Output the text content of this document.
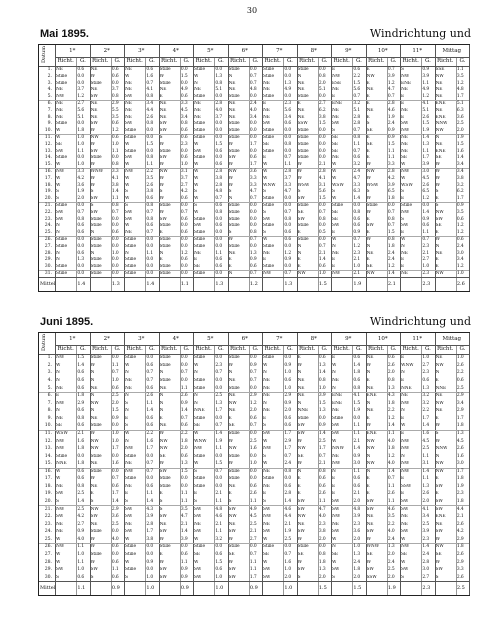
30
Mai 1895.	Windrichtung und
Datum	1*
Richt.	G.
2*
Richt.	G.
3*
Richt.	G.
4*
Richt.	G.
5*
Richt.	G.
6*
Richt.	G.
7*
Richt.	G.
8*
Richt.	G.
9*
Richt.	G.
10*
Richt.	G.
11*
Richt.	G.
Mittag
Richt.	G.
1. NE	0.6 NE	0.6 NE	0.6 Stille	0.0 Stille	0.0 Stille	0.0 Stille	0.0 Stille	0.0 E	0.6 E	0.7 S	0.9 SSE	1.1
2. Stille	0.0 W	0.6 W	1.6 W	1.5 W	1.3 N	0.7 Stille	0.0 N	0.8 NW	2.2 NW	3.9 NW	3.9 NW	3.5
3. Stille	0.0 Stille	0.0 NE	0.7 Stille	0.0 N	0.8 NE	0.7 NE	1.3 NE	2.0 ESE	1.5 E	1.2 ENE	1.1 NE	1.2
4. NE	3.7 NE	3.7 NE	4.1 NE	4.9 NE	5.1 NE	4.8 NE	4.9 NE	5.1 NE	5.6 NE	4.7 NE	4.9 NE	4.8
5. NW	1.2 SW	0.8 SW	0.8 E	0.6 Stille	0.0 Stille	0.0 Stille	0.0 Stille	0.0 E	0.7 E	0.7 E	1.2 NE	1.7
6. NE	2.7 NE	2.9 NE	3.4 NE	3.3 NE	2.8 NE	2.4 E	2.3 E	2.7 ENE	3.2 E	2.8 E	4.1 ENE	5.1
7. NE	5.6 NE	5.5 NE	4.4 NE	4.5 NE	4.0 NE	4.0 NE	5.6 NE	6.2 NE	5.1 NE	4.6 NE	5.1 NE	6.3
8. NE	5.1 NE	3.5 NE	2.6 NE	3.4 NE	3.7 NE	3.4 NE	3.4 NE	3.8 NE	2.8 E	1.9 E	2.6 ENE	3.6
9. Stille	0.0 SW	0.6 SW	0.8 SW	0.8 Stille	0.0 Stille	0.0 SW	0.6 SSW	1.5 SW	2.8 S	2.4 SW	1.5 NNW	2.5
10. W	1.8 W	1.2 Stille	0.0 SW	0.6 Stille	0.0 Stille	0.0 Stille	0.0 Stille	0.0 S	0.7 SE	0.9 NW	1.9 NW	2.0
11. W	1.0 NW	0.6 Stille	0.0 S	0.6 Stille	0.0 Stille	0.0 Stille	0.0 Stille	0.0 SE	0.8 E	0.9 NE	1.4 N	1.9
12. SE	1.0 W	1.0 W	1.5 W	2.3 W	1.5 W	1.7 SE	0.8 Stille	0.0 SE	1.1 SE	1.5 NE	1.3 NE	1.5
13. SW	1.1 SW	1.1 Stille	0.0 Stille	0.0 SW	0.6 Stille	0.0 Stille	0.0 Stille	0.0 SE	0.7 E	1.1 NE	1.1 ENE	1.6
14. Stille	0.0 Stille	0.0 SW	0.8 SW	0.6 Stille	0.0 SW	0.6 E	0.7 Stille	0.0 NE	0.6 E	1.1 SE	1.7 SE	1.4
15. W	1.0 W	0.8 W	1.1 W	1.0 W	0.6 W	1.7 W	1.1 W	2.1 W	3.2 W	3.3 W	3.9 W	3.4
16. NW	3.3 WNW	3.3 NW	2.2 NW	3.1 W	2.8 NW	3.6 W	2.8 W	2.8 W	2.4 NW	2.8 NW	3.0 W	3.4
17. W	4.2 W	4.1 W	3.5 W	3.7 W	3.8 W	3.3 W	3.7 W	4.1 W	4.7 W	4.2 W	4.5 W	3.8
18. W	3.6 W	3.8 W	2.6 W	2.7 W	2.8 W	3.3 WNW	3.3 WSW	3.1 WSW	3.3 WSW	3.9 WSW	2.6 W	3.2
19. S	1.9 S	1.4 S	3.8 S	4.2 S	4.8 S	4.7 S	4.7 S	5.6 S	6.3 S	6.5 S	6.5 S	6.2
20. S	2.0 SW	1.1 W	0.6 W	0.6 W	0.7 N	0.7 Stille	0.0 SW	1.5 W	1.4 W	1.8 E	1.2 E	1.7
21. Stille	0.0 S	0.8 S	0.8 Stille	0.0 S	0.6 Stille	0.0 Stille	0.0 Stille	0.0 Stille	0.0 Stille	0.0 Stille	0.0 S	0.9
22. SW	0.7 SW	0.7 SW	0.7 W	0.7 W	0.8 Stille	0.0 S	0.7 SE	0.7 SE	0.8 W	0.7 NW	1.4 NW	3.5
23. SW	0.8 Stille	0.0 SW	0.8 SW	0.6 Stille	0.0 Stille	0.0 SW	0.8 SW	0.8 SE	0.6 E	0.8 S	0.9 SW	0.6
24. N	0.6 Stille	0.0 W	0.6 Stille	0.0 SW	0.6 Stille	0.0 Stille	0.0 Stille	0.0 SW	0.6 SW	0.7 SW	0.6 SE	1.2
25. N	0.6 N	0.6 NE	0.7 E	0.6 Stille	0.0 S	0.8 S	0.6 E	0.5 E	0.9 E	1.5 E	1.1 E	1.2
26. Stille	0.0 Stille	0.0 Stille	0.0 Stille	0.0 Stille	0.0 W	0.7 W	0.6 Stille	0.0 W	0.7 W	0.8 W	0.7 W	0.6
27. Stille	0.0 Stille	0.0 Stille	0.0 Stille	0.0 Stille	0.0 Stille	0.0 Stille	0.0 N	0.7 N	1.2 N	1.8 N	2.3 N	2.4
28. N	0.6 N	1.0 N	1.1 N	1.2 NE	1.1 NE	1.3 NE	1.2 N	2.1 NE	2.3 NE	2.4 NE	2.1 NE	3.0
29. N	1.3 Stille	0.0 Stille	0.0 E	0.6 E	0.6 E	0.9 E	0.9 E	1.4 E	2.1 E	2.4 E	2.7 E	3.4
30. Stille	0.0 Stille	0.0 Stille	0.0 Stille	0.0 SE	0.6 E	0.6 Stille	0.0 E	0.6 E	1.0 SE	1.2 E	1.0 E	1.2
31. Stille	0.0 Stille	0.0 Stille	0.0 Stille	0.0 Stille	0.0 N	0.7 NW	0.7 NW	1.0 NW	2.1 NW	1.4 NE	2.3 NW	1.0
Mittel	1.4	1.3	1.4	1.1	1.3	1.2	1.3	1.5	1.9	2.1	2.3	2.6
Juni 1895.	Windrichtung und
Datum	1*
Richt.	G.
2*
Richt.	G.
3*
Richt.	G.
4*
Richt.	G.
5*
Richt.	G.
6*
Richt.	G.
7*
Richt.	G.
8*
Richt.	G.
9*
Richt.	G.
10*
Richt.	G.
11*
Richt.	G.
Mittag
Richt.	G.
1. NW	1.5 Stille	0.0 Stille	0.0 Stille	0.0 Stille	0.0 Stille	0.0 Stille	0.0 E	0.6 E	0.6 NE	0.6 E	1.0 NE	1.0
2. W	1.4 W	1.1 W	0.6 Stille	0.0 W	2.3 W	0.9 W	0.9 W	1.3 W	1.4 W	2.6 WNW	2.7 NW	2.6
3. N	0.6 N	0.7 N	0.7 N	0.7 N	0.7 N	0.7 N	1.0 N	1.4 N	1.8 N	2.0 N	2.3 N	2.2
4. N	0.6 N	1.0 NE	0.7 Stille	0.0 Stille	0.0 NE	0.7 NE	0.6 NE	0.8 NE	0.6 E	0.8 E	0.6 E	0.6
5. NE	0.6 NE	0.6 NE	0.6 NE	1.1 Stille	0.0 Stille	0.0 NE	1.0 NE	1.0 N	0.8 NE	1.3 NNE	1.3 NNE	2.5
6. E	1.8 N	2.5 N	2.6 N	2.6 N	2.5 NE	2.9 NE	2.9 NE	3.9 ENE	4.1 ENE	4.3 NE	3.2 NE	2.9
7. NW	2.9 NW	2.0 S	1.1 N	0.9 N	1.3 NW	1.2 N	0.9 N	1.5 ENE	1.5 N	1.8 NW	3.2 NW	3.4
8. N	0.6 N	1.5 N	1.4 N	1.4 NNE	1.7 NE	2.0 NE	2.0 NNE	1.3 NE	1.9 NE	2.2 N	2.2 NE	2.9
9. NE	0.8 NE	0.9 E	0.6 E	0.7 Stille	0.0 E	0.6 E	0.6 Stille	0.0 Stille	0.0 E	1.2 E	1.7 E	1.7
10. SE	0.6 Stille	0.0 S	0.6 NE	0.6 SE	0.7 SE	0.7 S	0.6 SW	0.9 SW	1.1 W	1.4 W	1.4 W	1.8
11. WSW	2.1 W	1.0 W	2.2 W	2.2 W	1.4 Stille	0.0 SW	1.7 SW	1.4 SW	1.1 ENE	1.1 E	1.6 S	1.3
12. NW	1.6 NW	1.0 N	1.6 NW	1.8 WNW	1.9 W	2.5 W	2.9 W	2.5 W	2.1 NW	4.0 NW	4.5 W	4.5
13. NW	1.8 NW	1.7 NW	1.7 NW	2.0 NW	1.1 NW	1.6 NW	1.7 NW	1.7 NNW	1.4 NW	1.8 NW	2.5 NNW	2.6
14. Stille	0.0 Stille	0.0 Stille	0.0 SE	0.6 Stille	0.0 Stille	0.0 S	0.7 SE	0.7 NE	0.9 N	1.2 N	1.1 N	1.6
15. NNE	1.8 NE	1.6 NE	0.7 W	1.3 W	1.5 W	1.0 W	2.4 W	2.1 NW	3.0 NW	4.0 NW	3.1 NW	3.0
16. W	0.6 Stille	0.0 NW	0.7 SW	1.5 S	0.7 Stille	0.0 NE	0.8 N	0.8 N	1.1 N	1.4 NW	1.4 NW	1.7
17. W	0.6 W	0.7 Stille	0.0 Stille	0.0 Stille	0.0 Stille	0.0 Stille	0.0 E	0.6 E	0.6 E	0.7 E	1.1 E	1.8
18. NE	0.8 NE	0.6 NE	0.6 Stille	0.0 Stille	0.0 NE	0.6 NE	0.6 E	0.6 E	0.6 E	1.1 SSW	1.3 SW	1.9
19. SW	2.5 E	1.7 E	1.1 E	1.1 E	2.1 E	2.6 E	2.8 E	2.6 E	2.1 E	2.6 E	2.6 E	2.3
20. S	1.4 S	1.4 S	1.4 S	1.1 S	1.1 S	1.1 S	1.4 SW	1.1 SW	2.0 SW	1.1 SW	2.0 SW	1.8
21. NW	2.5 NW	2.9 SW	4.3 S	3.5 SW	4.8 SW	4.9 SW	4.6 SW	4.7 SW	4.8 SW	4.6 SW	4.1 SW	4.4
22. SW	4.2 SW	3.6 SW	3.9 SW	4.7 SW	4.6 NW	4.5 NW	4.4 NW	4.0 NW	3.9 NE	3.5 NE	3.4 ENE	2.1
23. NE	2.7 NE	2.5 NE	2.8 NE	2.1 NE	2.1 NE	2.5 NE	2.1 NE	2.3 NE	2.3 NE	2.2 NE	2.5 NE	2.6
24. NE	0.9 Stille	0.0 SW	1.7 SW	1.4 SW	1.1 SW	2.1 SW	1.9 SW	3.8 SW	3.6 SW	4.0 SW	3.9 SW	4.2
25. W	4.0 W	4.0 W	3.8 W	3.9 W	3.2 W	2.7 W	2.5 W	2.0 W	2.0 W	2.4 W	2.3 W	2.9
26. NW	1.1 W	0.6 Stille	0.0 Stille	0.0 Stille	0.0 Stille	0.0 Stille	0.0 Stille	0.0 N	1.0 WNW	1.3 NW	1.4 NW	1.8
27. W	1.0 Stille	0.0 Stille	0.0 E	0.6 SE	0.6 SE	0.7 SE	0.7 SE	0.8 SE	1.3 SE	2.0 SE	2.4 SE	2.6
28. W	1.1 W	0.6 W	0.9 W	1.1 W	1.5 W	1.1 W	1.6 W	1.8 W	2.4 W	2.4 W	2.8 W	2.9
29. SW	1.0 SW	1.1 Stille	0.0 SW	0.9 SW	0.6 SW	1.1 SW	1.0 SW	1.3 SW	1.8 SW	2.5 SW	3.0 SW	3.3
30. S	0.6 S	0.6 S	1.0 SW	0.9 SW	1.0 SW	1.7 SW	2.0 S	2.0 S	2.0 SSW	2.0 S	2.7 S	2.6
Mittel	1.1	0.9	1.0	0.9	1.0	0.9	1.0	1.5	1.5	1.9	2.3	2.5
